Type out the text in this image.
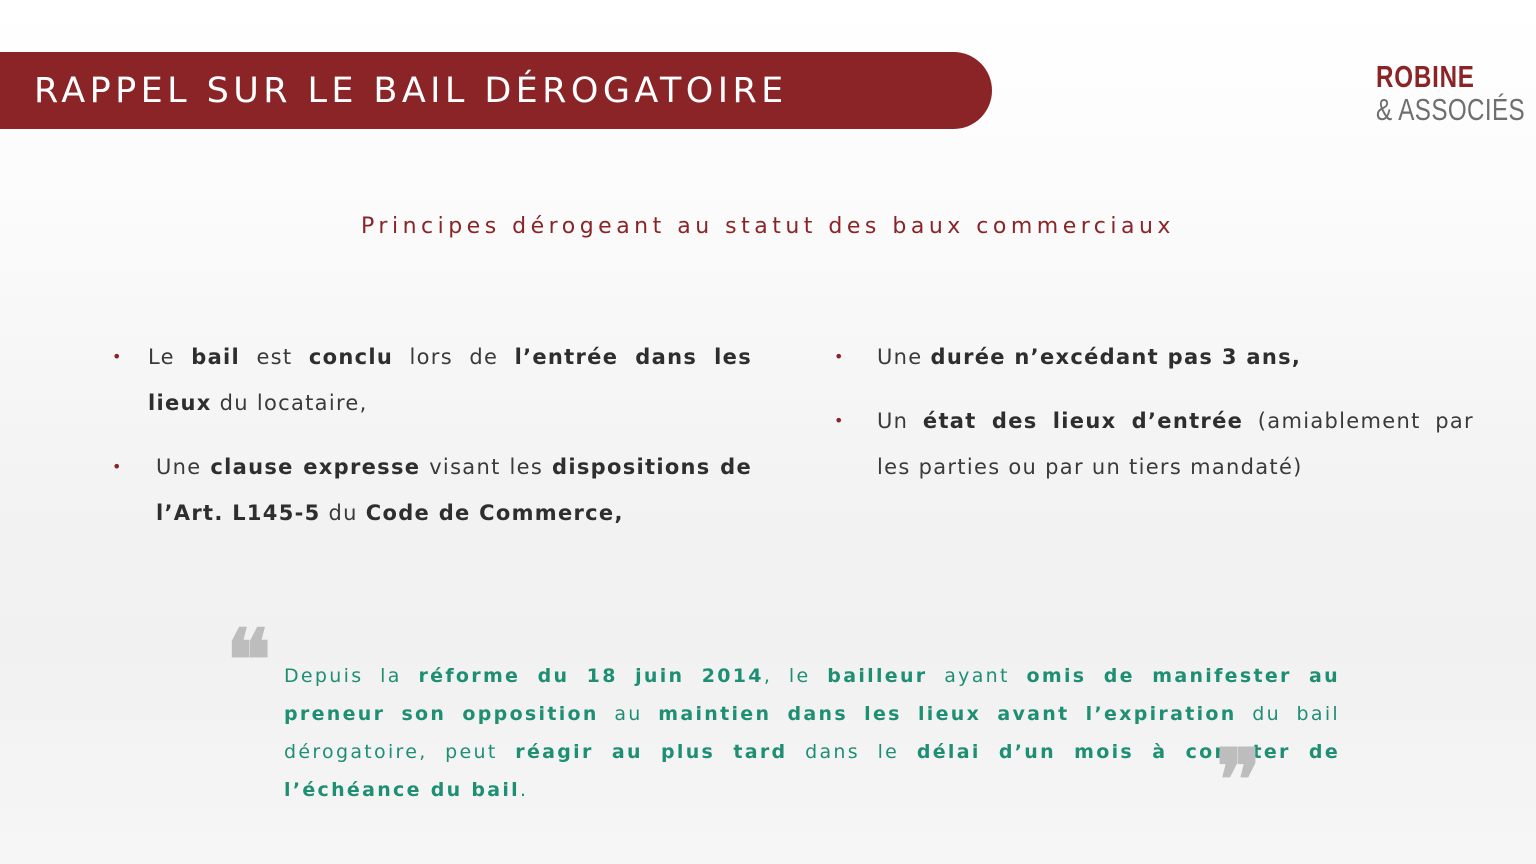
RAPPEL SUR LE BAIL DÉROGATOIRE	ROBINE
& ASSOCIÉS
Principes dérogeant au statut des baux commerciaux
• Le bail est conclu lors de l’entrée dans les lieux du locataire,
• Une clause expresse visant les dispositions de l’Art. L145-5 du Code de Commerce,
• Une durée n’excédant pas 3 ans,
• Un état des lieux d’entrée (amiablement par les parties ou par un tiers mandaté)
❝ Depuis la réforme du 18 juin 2014, le bailleur ayant omis de manifester au preneur son opposition au maintien dans les lieux avant l’expiration du bail dérogatoire, peut réagir au plus tard dans le délai d’un mois à compter de l’échéance du bail.	❞
